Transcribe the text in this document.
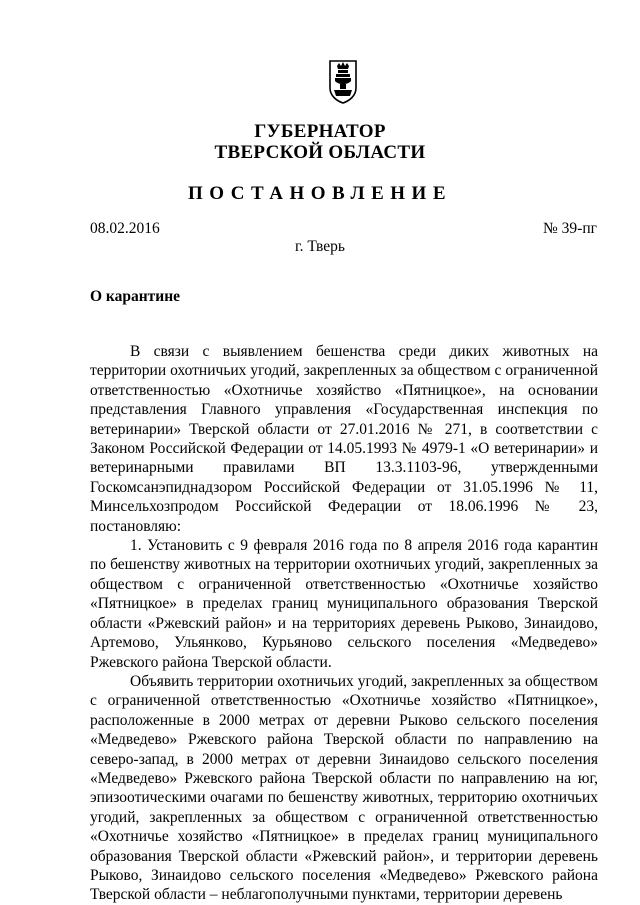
ГУБЕРНАТОР
ТВЕРСКОЙ ОБЛАСТИ
ПОСТАНОВЛЕНИЕ
08.02.2016	№ 39-пг
г. Тверь
О карантине

В связи с выявлением бешенства среди диких животных на территории охотничьих угодий, закрепленных за обществом с ограниченной ответственностью «Охотничье хозяйство «Пятницкое», на основании представления Главного управления «Государственная инспекция по ветеринарии» Тверской области от 27.01.2016 № 271, в соответствии с Законом Российской Федерации от 14.05.1993 № 4979-1 «О ветеринарии» и ветеринарными правилами ВП 13.3.1103-96, утвержденными Госкомсанэпиднадзором Российской Федерации от 31.05.1996 № 11, Минсельхозпродом Российской Федерации от 18.06.1996 № 23, постановляю:

1. Установить с 9 февраля 2016 года по 8 апреля 2016 года карантин по бешенству животных на территории охотничьих угодий, закрепленных за обществом с ограниченной ответственностью «Охотничье хозяйство «Пятницкое» в пределах границ муниципального образования Тверской области «Ржевский район» и на территориях деревень Рыково, Зинаидово, Артемово, Ульянково, Курьяново сельского поселения «Медведево» Ржевского района Тверской области.

Объявить территории охотничьих угодий, закрепленных за обществом с ограниченной ответственностью «Охотничье хозяйство «Пятницкое», расположенные в 2000 метрах от деревни Рыково сельского поселения «Медведево» Ржевского района Тверской области по направлению на северо-запад, в 2000 метрах от деревни Зинаидово сельского поселения «Медведево» Ржевского района Тверской области по направлению на юг, эпизоотическими очагами по бешенству животных, территорию охотничьих угодий, закрепленных за обществом с ограниченной ответственностью «Охотничье хозяйство «Пятницкое» в пределах границ муниципального образования Тверской области «Ржевский район», и территории деревень Рыково, Зинаидово сельского поселения «Медведево» Ржевского района Тверской области – неблагополучными пунктами, территории деревень
